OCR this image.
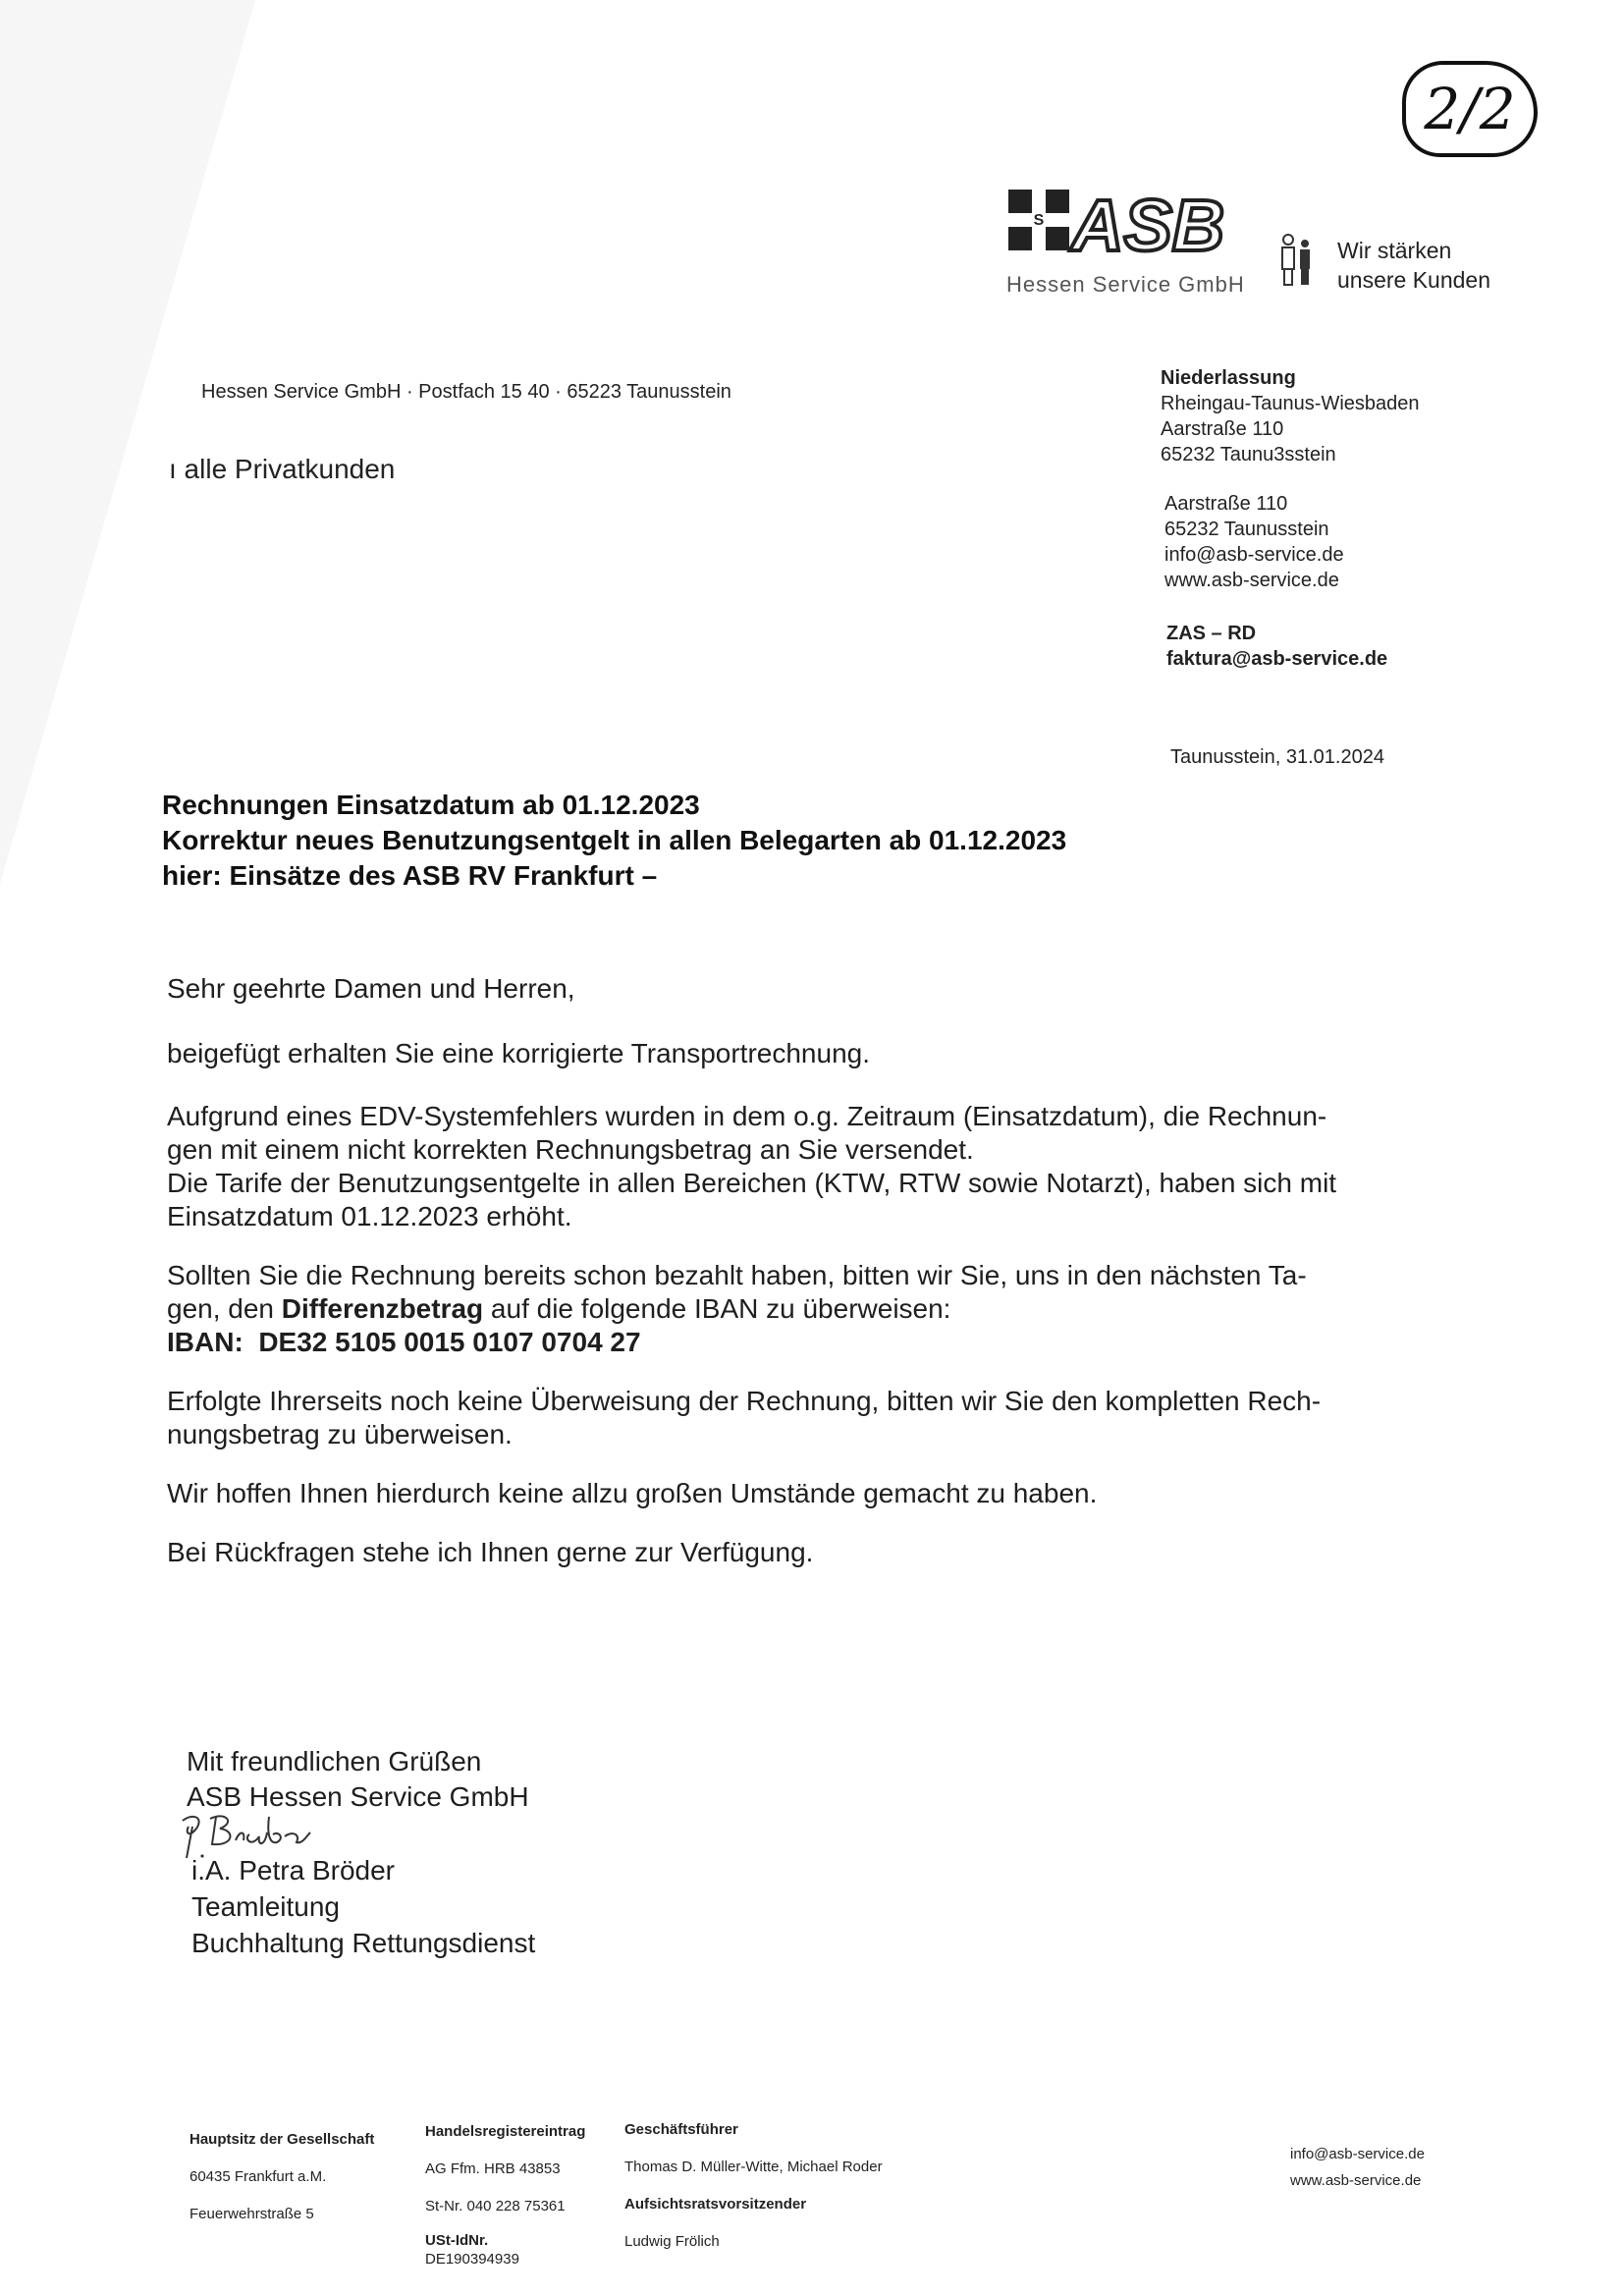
2/2
S ASB
Hessen Service GmbH
Wir stärken
unsere Kunden
Hessen Service GmbH · Postfach 15 40 · 65223 Taunusstein
ı alle Privatkunden
Niederlassung
Rheingau-Taunus-Wiesbaden
Aarstraße 110
65232 Taunu3sstein
Aarstraße 110
65232 Taunusstein
info@asb-service.de
www.asb-service.de
ZAS – RD
faktura@asb-service.de
Taunusstein, 31.01.2024
Rechnungen Einsatzdatum ab 01.12.2023
Korrektur neues Benutzungsentgelt in allen Belegarten ab 01.12.2023
hier: Einsätze des ASB RV Frankfurt –

Sehr geehrte Damen und Herren,

beigefügt erhalten Sie eine korrigierte Transportrechnung.

Aufgrund eines EDV-Systemfehlers wurden in dem o.g. Zeitraum (Einsatzdatum), die Rechnun-
gen mit einem nicht korrekten Rechnungsbetrag an Sie versendet.
Die Tarife der Benutzungsentgelte in allen Bereichen (KTW, RTW sowie Notarzt), haben sich mit
Einsatzdatum 01.12.2023 erhöht.

Sollten Sie die Rechnung bereits schon bezahlt haben, bitten wir Sie, uns in den nächsten Ta-
gen, den Differenzbetrag auf die folgende IBAN zu überweisen:
IBAN: DE32 5105 0015 0107 0704 27

Erfolgte Ihrerseits noch keine Überweisung der Rechnung, bitten wir Sie den kompletten Rech-
nungsbetrag zu überweisen.

Wir hoffen Ihnen hierdurch keine allzu großen Umstände gemacht zu haben.

Bei Rückfragen stehe ich Ihnen gerne zur Verfügung.

Mit freundlichen Grüßen
ASB Hessen Service GmbH
i.A. Petra Bröder
Teamleitung
Buchhaltung Rettungsdienst
Hauptsitz der Gesellschaft
60435 Frankfurt a.M.
Feuerwehrstraße 5
Handelsregistereintrag
AG Ffm. HRB 43853
St-Nr. 040 228 75361
USt-IdNr.
DE190394939
Geschäftsführer
Thomas D. Müller-Witte, Michael Roder
Aufsichtsratsvorsitzender
Ludwig Frölich
info@asb-service.de
www.asb-service.de
